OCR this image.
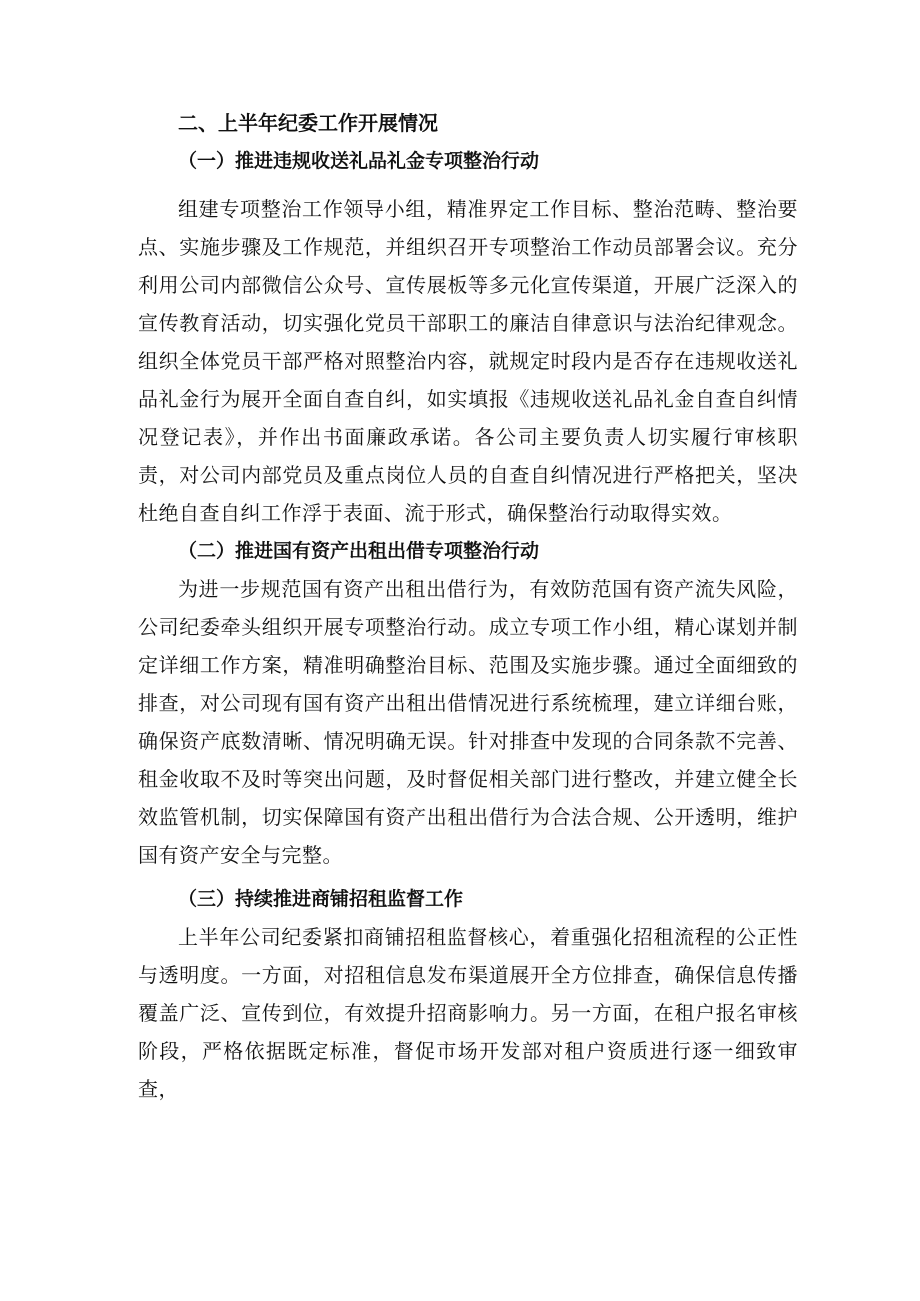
二、上半年纪委工作开展情况
（一）推进违规收送礼品礼金专项整治行动

组建专项整治工作领导小组，精准界定工作目标、整治范畴、整治要点、实施步骤及工作规范，并组织召开专项整治工作动员部署会议。充分利用公司内部微信公众号、宣传展板等多元化宣传渠道，开展广泛深入的宣传教育活动，切实强化党员干部职工的廉洁自律意识与法治纪律观念。组织全体党员干部严格对照整治内容，就规定时段内是否存在违规收送礼品礼金行为展开全面自查自纠，如实填报《违规收送礼品礼金自查自纠情况登记表》，并作出书面廉政承诺。各公司主要负责人切实履行审核职责，对公司内部党员及重点岗位人员的自查自纠情况进行严格把关，坚决杜绝自查自纠工作浮于表面、流于形式，确保整治行动取得实效。

（二）推进国有资产出租出借专项整治行动

为进一步规范国有资产出租出借行为，有效防范国有资产流失风险，公司纪委牵头组织开展专项整治行动。成立专项工作小组，精心谋划并制定详细工作方案，精准明确整治目标、范围及实施步骤。通过全面细致的排查，对公司现有国有资产出租出借情况进行系统梳理，建立详细台账，确保资产底数清晰、情况明确无误。针对排查中发现的合同条款不完善、租金收取不及时等突出问题，及时督促相关部门进行整改，并建立健全长效监管机制，切实保障国有资产出租出借行为合法合规、公开透明，维护国有资产安全与完整。

（三）持续推进商铺招租监督工作

上半年公司纪委紧扣商铺招租监督核心，着重强化招租流程的公正性与透明度。一方面，对招租信息发布渠道展开全方位排查，确保信息传播覆盖广泛、宣传到位，有效提升招商影响力。另一方面，在租户报名审核阶段，严格依据既定标准，督促市场开发部对租户资质进行逐一细致审查，
